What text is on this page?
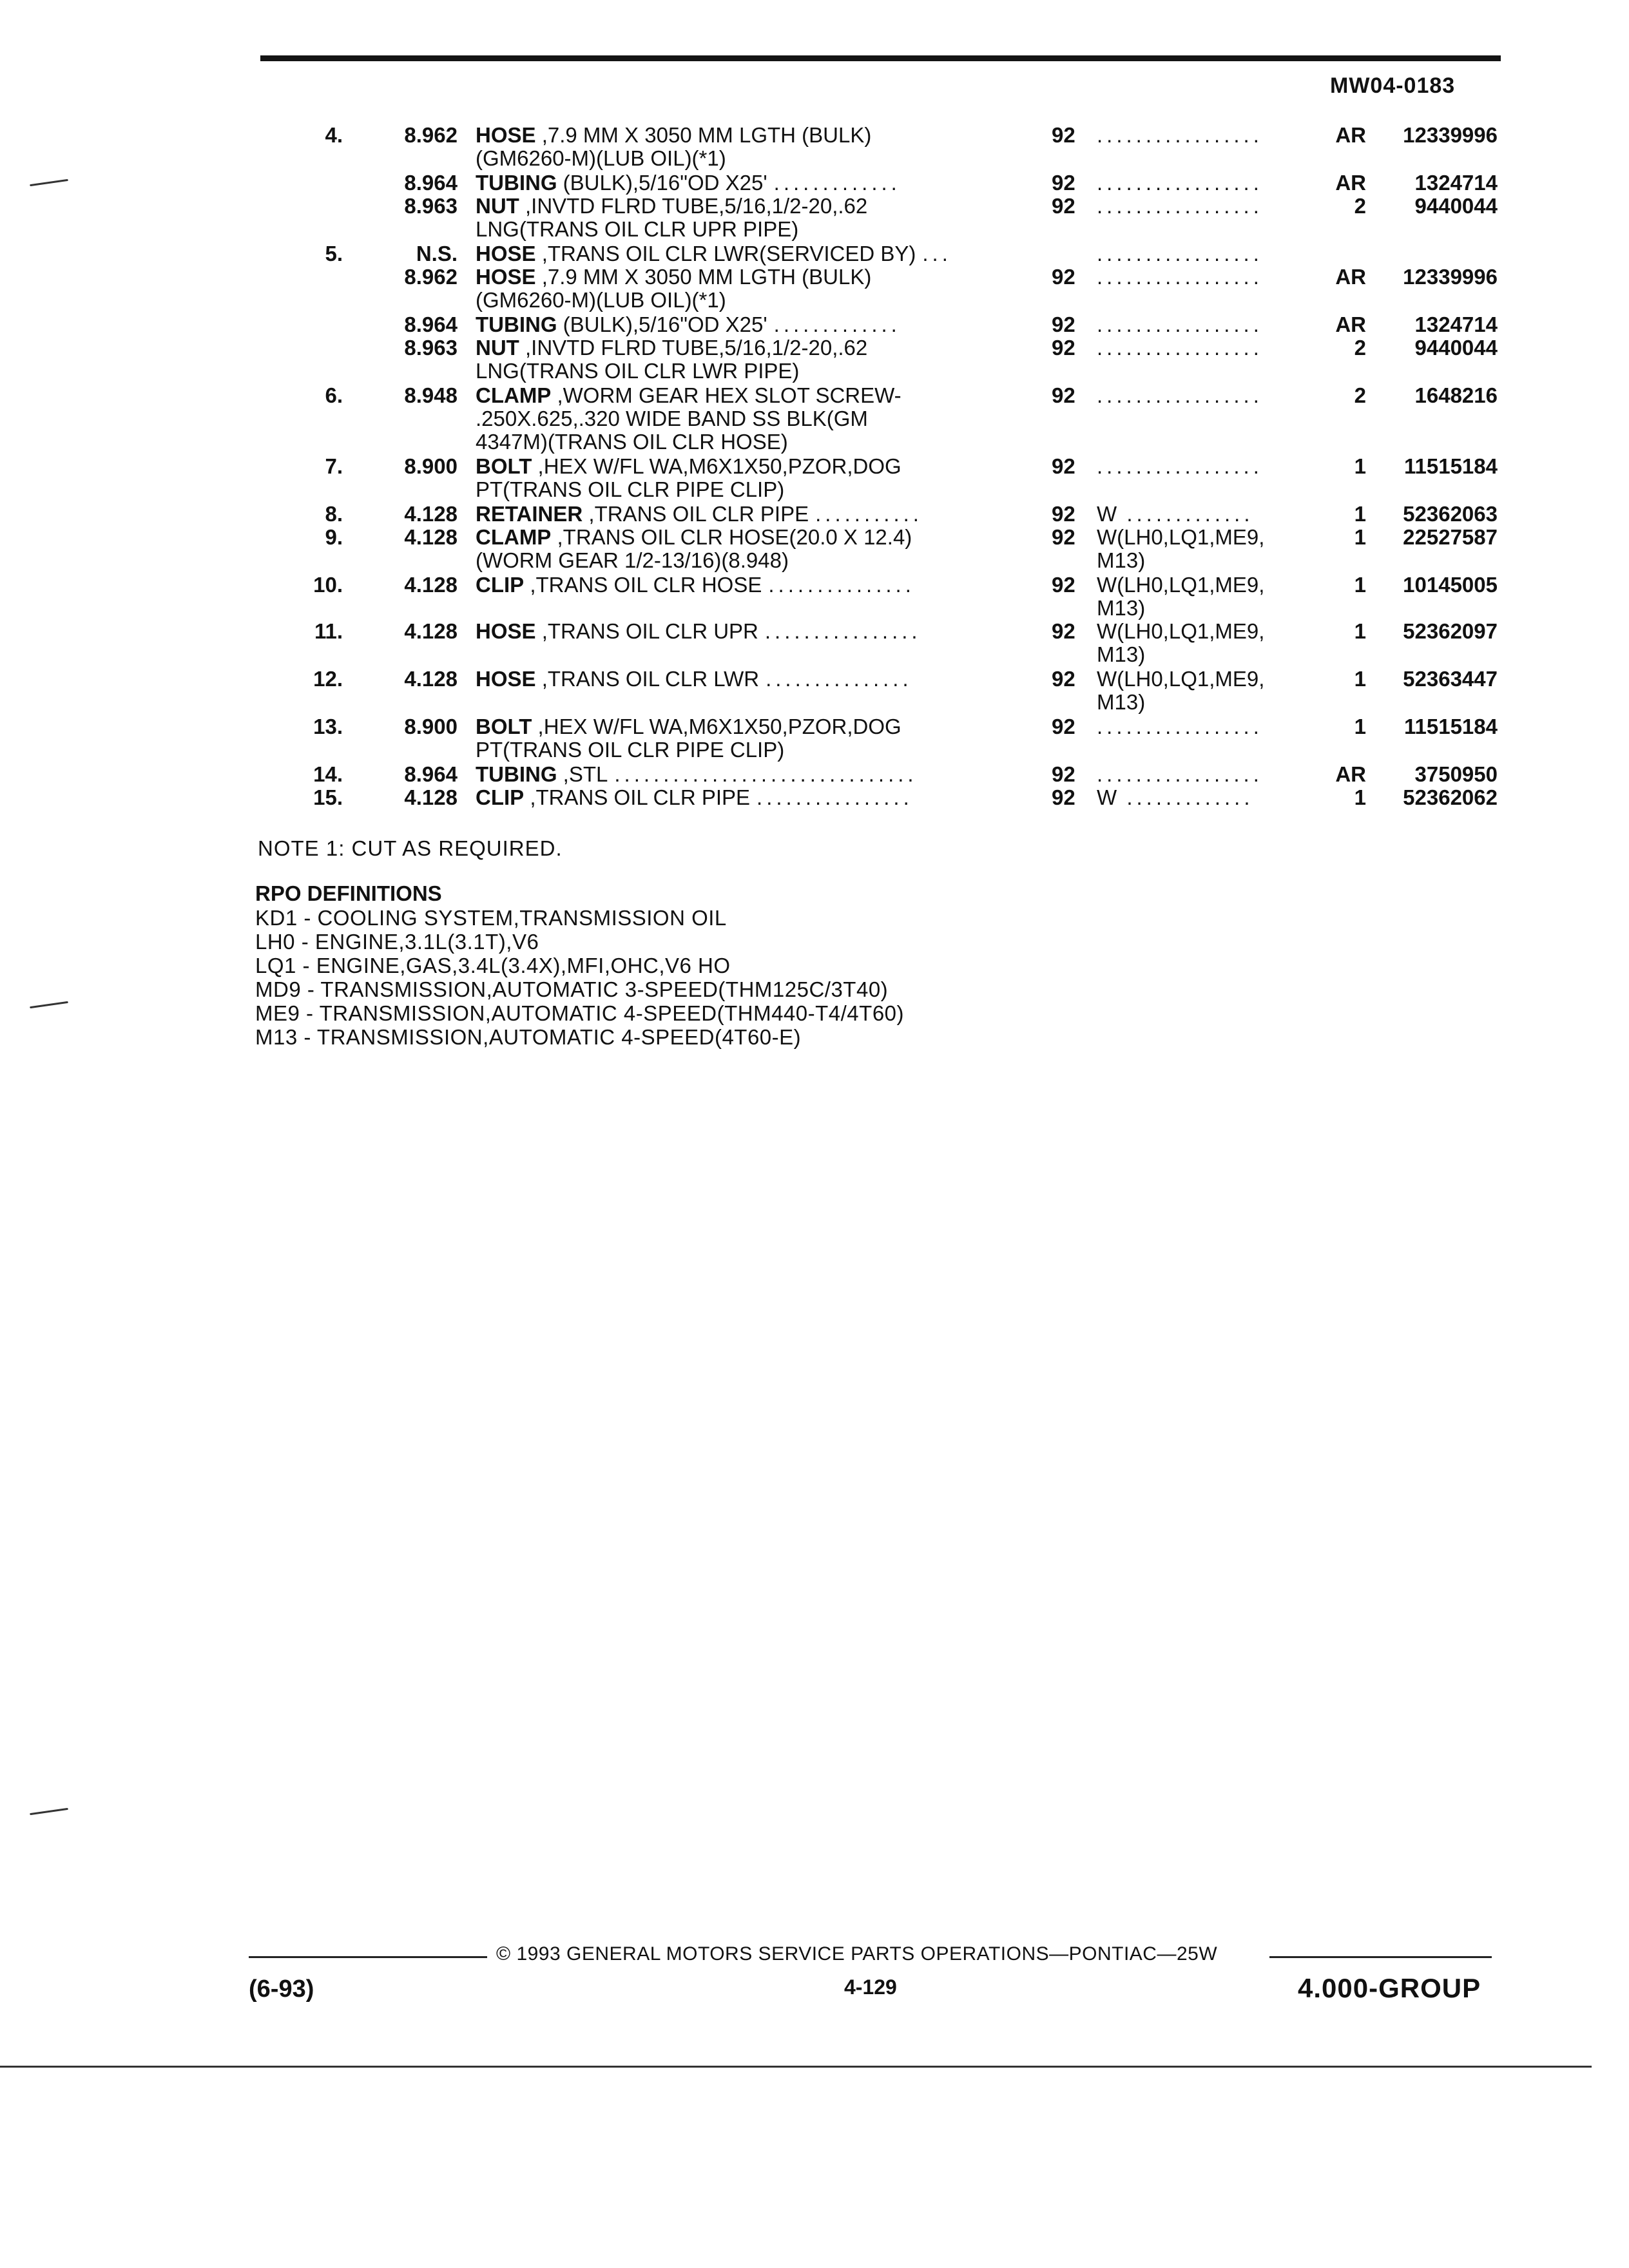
MW04-0183
4.	8.962 HOSE ,7.9 MM X 3050 MM LGTH (BULK)	92 .................	AR	12339996
(GM6260-M)(LUB OIL)(*1)
8.964 TUBING (BULK),5/16"OD X25' .............	92 .................	AR	1324714
8.963 NUT ,INVTD FLRD TUBE,5/16,1/2-20,.62	92 .................	2	9440044
LNG(TRANS OIL CLR UPR PIPE)
5.	N.S. HOSE ,TRANS OIL CLR LWR(SERVICED BY) ...	.................
8.962 HOSE ,7.9 MM X 3050 MM LGTH (BULK)	92 .................	AR	12339996
(GM6260-M)(LUB OIL)(*1)
8.964 TUBING (BULK),5/16"OD X25' .............	92 .................	AR	1324714
8.963 NUT ,INVTD FLRD TUBE,5/16,1/2-20,.62	92 .................	2	9440044
LNG(TRANS OIL CLR LWR PIPE)
6.	8.948 CLAMP ,WORM GEAR HEX SLOT SCREW-	92 .................	2	1648216
.250X.625,.320 WIDE BAND SS BLK(GM
4347M)(TRANS OIL CLR HOSE)
7.	8.900 BOLT ,HEX W/FL WA,M6X1X50,PZOR,DOG	92 .................	1	11515184
PT(TRANS OIL CLR PIPE CLIP)
8.	4.128 RETAINER ,TRANS OIL CLR PIPE ...........	92 W .............	1	52362063
9.	4.128 CLAMP ,TRANS OIL CLR HOSE(20.0 X 12.4)	92 W(LH0,LQ1,ME9,	1	22527587
(WORM GEAR 1/2-13/16)(8.948)	M13)
10.	4.128 CLIP ,TRANS OIL CLR HOSE ...............	92 W(LH0,LQ1,ME9,	1	10145005
M13)
11.	4.128 HOSE ,TRANS OIL CLR UPR ................	92 W(LH0,LQ1,ME9,	1	52362097
M13)
12.	4.128 HOSE ,TRANS OIL CLR LWR ...............	92 W(LH0,LQ1,ME9,	1	52363447
M13)
13.	8.900 BOLT ,HEX W/FL WA,M6X1X50,PZOR,DOG	92 .................	1	11515184
PT(TRANS OIL CLR PIPE CLIP)
14.	8.964 TUBING ,STL ...............................	92 .................	AR	3750950
15.	4.128 CLIP ,TRANS OIL CLR PIPE ................	92 W .............	1	52362062
NOTE 1: CUT AS REQUIRED.
RPO DEFINITIONS
KD1 - COOLING SYSTEM,TRANSMISSION OIL
LH0 - ENGINE,3.1L(3.1T),V6
LQ1 - ENGINE,GAS,3.4L(3.4X),MFI,OHC,V6 HO
MD9 - TRANSMISSION,AUTOMATIC 3-SPEED(THM125C/3T40)
ME9 - TRANSMISSION,AUTOMATIC 4-SPEED(THM440-T4/4T60)
M13 - TRANSMISSION,AUTOMATIC 4-SPEED(4T60-E)
© 1993 GENERAL MOTORS SERVICE PARTS OPERATIONS—PONTIAC—25W
(6-93)	4-129	4.000-GROUP
